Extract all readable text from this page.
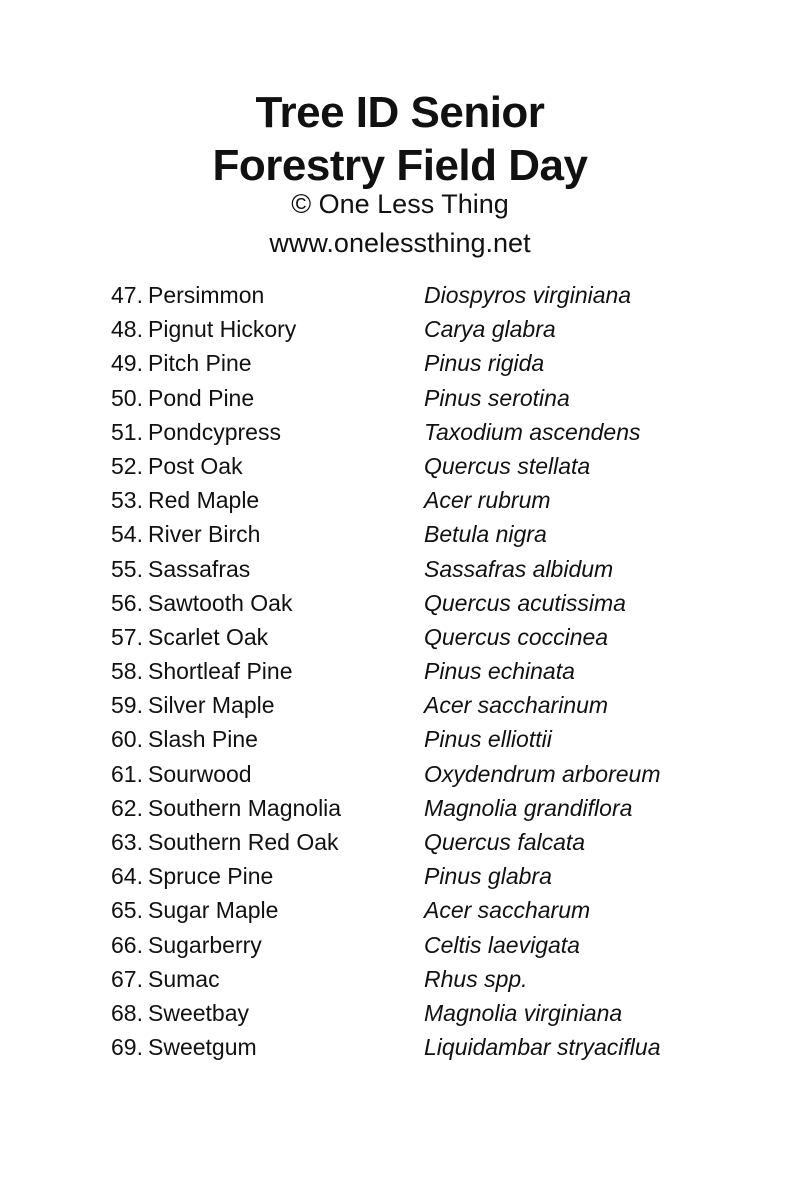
Tree ID Senior
Forestry Field Day
© One Less Thing
www.onelessthing.net
47. Persimmon	Diospyros virginiana
48. Pignut Hickory	Carya glabra
49. Pitch Pine	Pinus rigida
50. Pond Pine	Pinus serotina
51. Pondcypress	Taxodium ascendens
52. Post Oak	Quercus stellata
53. Red Maple	Acer rubrum
54. River Birch	Betula nigra
55. Sassafras	Sassafras albidum
56. Sawtooth Oak	Quercus acutissima
57. Scarlet Oak	Quercus coccinea
58. Shortleaf Pine	Pinus echinata
59. Silver Maple	Acer saccharinum
60. Slash Pine	Pinus elliottii
61. Sourwood	Oxydendrum arboreum
62. Southern Magnolia	Magnolia grandiflora
63. Southern Red Oak	Quercus falcata
64. Spruce Pine	Pinus glabra
65. Sugar Maple	Acer saccharum
66. Sugarberry	Celtis laevigata
67. Sumac	Rhus spp.
68. Sweetbay	Magnolia virginiana
69. Sweetgum	Liquidambar stryaciflua
